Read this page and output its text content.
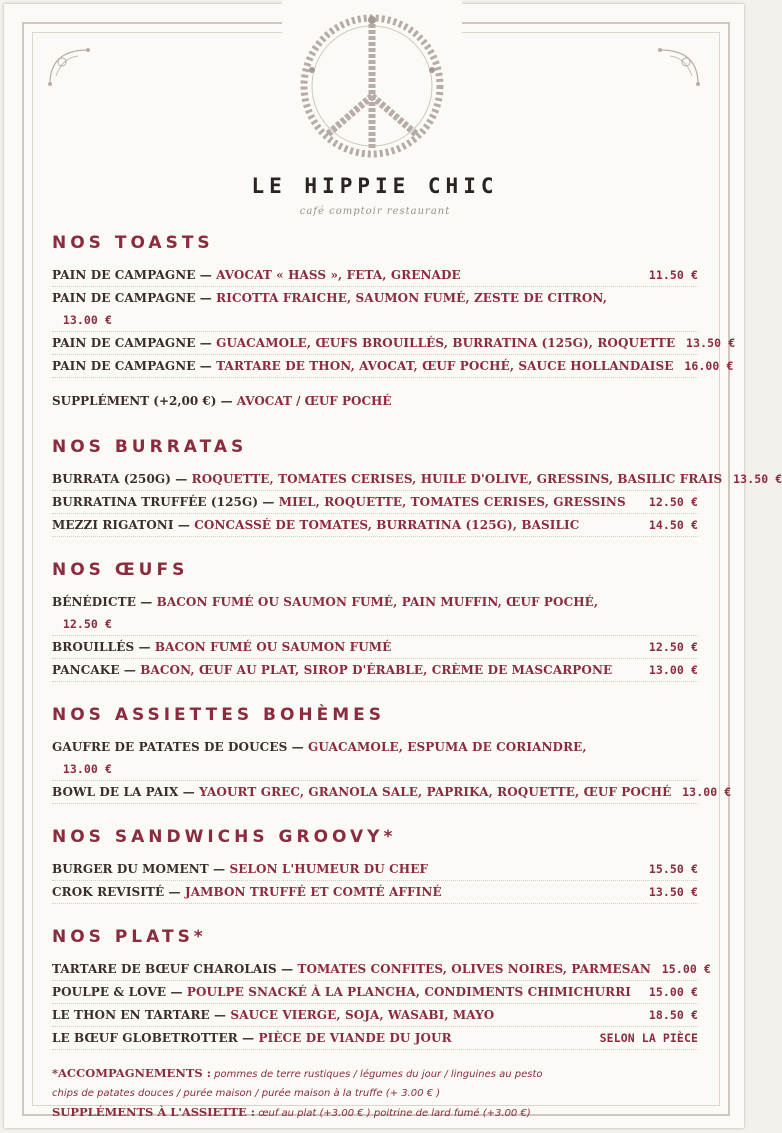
LE HIPPIE CHIC
café comptoir restaurant
NOS TOASTS
PAIN DE CAMPAGNE — AVOCAT « HASS », FETA, GRENADE	11.50 €
PAIN DE CAMPAGNE — RICOTTA FRAICHE, SAUMON FUMÉ, ZESTE DE CITRON,
13.00 €
PAIN DE CAMPAGNE — GUACAMOLE, ŒUFS BROUILLÉS, BURRATINA (125G), ROQUETTE 13.50 €
PAIN DE CAMPAGNE — TARTARE DE THON, AVOCAT, ŒUF POCHÉ, SAUCE HOLLANDAISE 16.00 €
SUPPLÉMENT (+2,00 €) — AVOCAT / ŒUF POCHÉ
NOS BURRATAS
BURRATA (250G) — ROQUETTE, TOMATES CERISES, HUILE D'OLIVE, GRESSINS, BASILIC FRAIS 13.50 €
BURRATINA TRUFFÉE (125G) — MIEL, ROQUETTE, TOMATES CERISES, GRESSINS	12.50 €
MEZZI RIGATONI — CONCASSÉ DE TOMATES, BURRATINA (125G), BASILIC	14.50 €
NOS ŒUFS
BÉNÉDICTE — BACON FUMÉ OU SAUMON FUMÉ, PAIN MUFFIN, ŒUF POCHÉ,
12.50 €
BROUILLÉS — BACON FUMÉ OU SAUMON FUMÉ	12.50 €
PANCAKE — BACON, ŒUF AU PLAT, SIROP D'ÉRABLE, CRÈME DE MASCARPONE	13.00 €
NOS ASSIETTES BOHÈMES
GAUFRE DE PATATES DE DOUCES — GUACAMOLE, ESPUMA DE CORIANDRE,
13.00 €
BOWL DE LA PAIX — YAOURT GREC, GRANOLA SALE, PAPRIKA, ROQUETTE, ŒUF POCHÉ 13.00 €
NOS SANDWICHS GROOVY*
BURGER DU MOMENT — SELON L'HUMEUR DU CHEF	15.50 €
CROK REVISITÉ — JAMBON TRUFFÉ ET COMTÉ AFFINÉ	13.50 €
NOS PLATS*
TARTARE DE BŒUF CHAROLAIS — TOMATES CONFITES, OLIVES NOIRES, PARMESAN 15.00 €
POULPE & LOVE — POULPE SNACKÉ À LA PLANCHA, CONDIMENTS CHIMICHURRI	15.00 €
LE THON EN TARTARE — SAUCE VIERGE, SOJA, WASABI, MAYO	18.50 €
LE BŒUF GLOBETROTTER — PIÈCE DE VIANDE DU JOUR	SELON LA PIÈCE
*ACCOMPAGNEMENTS : pommes de terre rustiques / légumes du jour / linguines au pesto
chips de patates douces / purée maison / purée maison à la truffe (+ 3.00 € )
SUPPLÉMENTS À L'ASSIETTE : œuf au plat (+3.00 € ) poitrine de lard fumé (+3.00 €)
